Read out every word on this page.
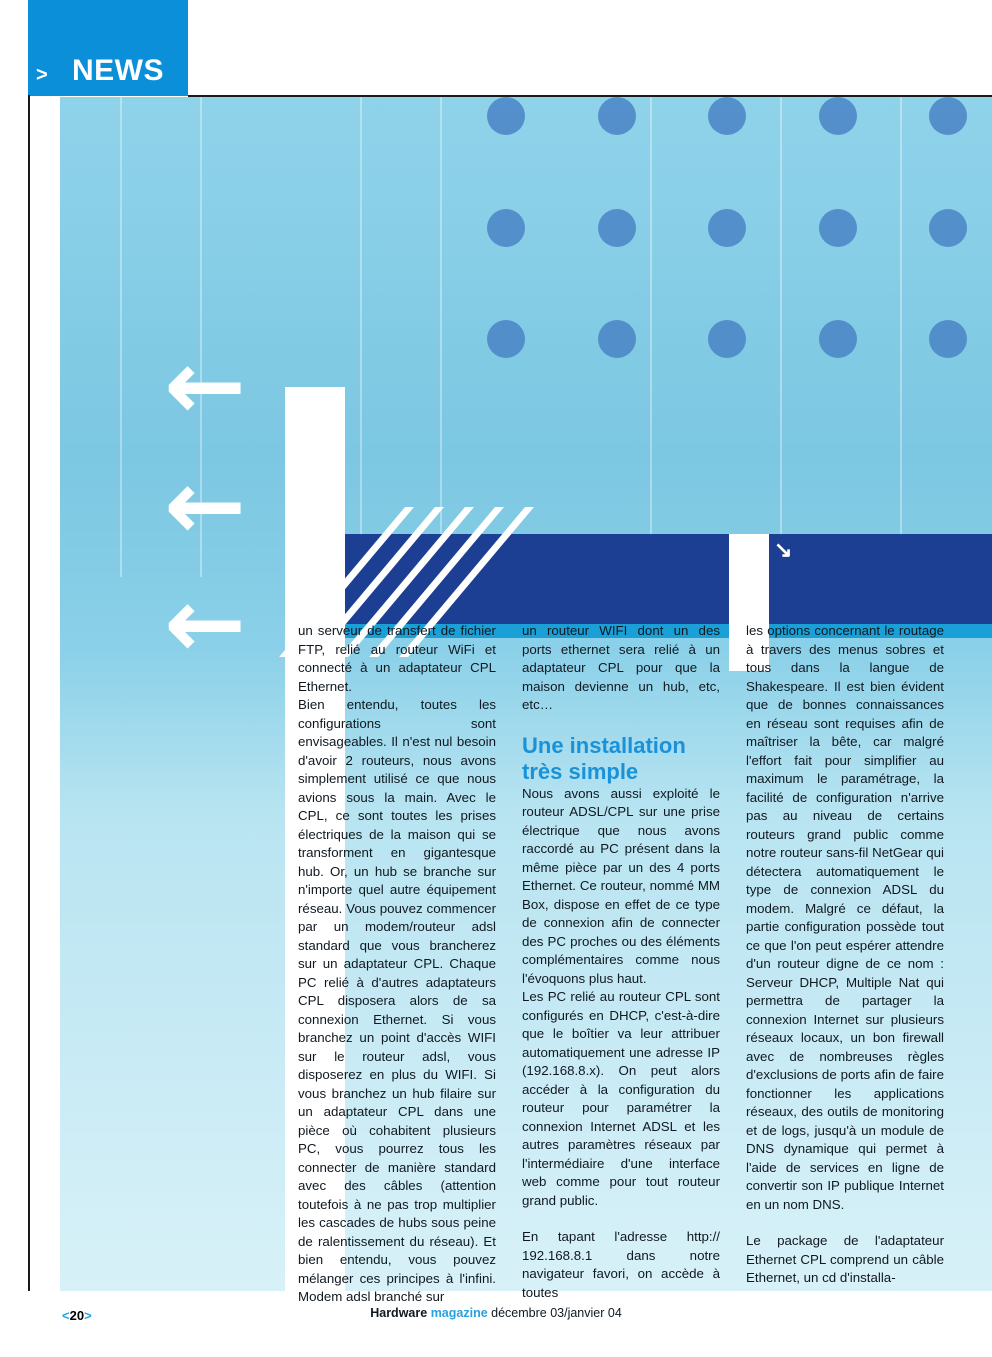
> NEWS
↘
←
←
←	un serveur de transfert de fichier FTP, relié au routeur WiFi et connecté à un adaptateur CPL Ethernet.

Bien entendu, toutes les configurations sont envisageables. Il n'est nul besoin d'avoir 2 routeurs, nous avons simplement utilisé ce que nous avions sous la main. Avec le CPL, ce sont toutes les prises électriques de la maison qui se transforment en gigantesque hub. Or, un hub se branche sur n'importe quel autre équipement réseau. Vous pouvez commencer par un modem/routeur adsl standard que vous brancherez sur un adaptateur CPL. Chaque PC relié à d'autres adaptateurs CPL disposera alors de sa connexion Ethernet. Si vous branchez un point d'accès WIFI sur le routeur adsl, vous disposerez en plus du WIFI. Si vous branchez un hub filaire sur un adaptateur CPL dans une pièce où cohabitent plusieurs PC, vous pourrez tous les connecter de manière standard avec des câbles (attention toutefois à ne pas trop multiplier les cascades de hubs sous peine de ralentissement du réseau). Et bien entendu, vous pouvez mélanger ces principes à l'infini. Modem adsl branché sur

un routeur WIFI dont un des ports ethernet sera relié à un adaptateur CPL pour que la maison devienne un hub, etc, etc…

Une installation très simple

Nous avons aussi exploité le routeur ADSL/CPL sur une prise électrique que nous avons raccordé au PC présent dans la même pièce par un des 4 ports Ethernet. Ce routeur, nommé MM Box, dispose en effet de ce type de connexion afin de connecter des PC proches ou des éléments complémentaires comme nous l'évoquons plus haut.

Les PC relié au routeur CPL sont configurés en DHCP, c'est-à-dire que le boîtier va leur attribuer automatiquement une adresse IP (192.168.8.x). On peut alors accéder à la configuration du routeur pour paramétrer la connexion Internet ADSL et les autres paramètres réseaux par l'intermédiaire d'une interface web comme pour tout routeur grand public.

En tapant l'adresse http:// 192.168.8.1 dans notre navigateur favori, on accède à toutes

les options concernant le routage à travers des menus sobres et tous dans la langue de Shakespeare. Il est bien évident que de bonnes connaissances en réseau sont requises afin de maîtriser la bête, car malgré l'effort fait pour simplifier au maximum le paramétrage, la facilité de configuration n'arrive pas au niveau de certains routeurs grand public comme notre routeur sans-fil NetGear qui détectera automatiquement le type de connexion ADSL du modem. Malgré ce défaut, la partie configuration possède tout ce que l'on peut espérer attendre d'un routeur digne de ce nom : Serveur DHCP, Multiple Nat qui permettra de partager la connexion Internet sur plusieurs réseaux locaux, un bon firewall avec de nombreuses règles d'exclusions de ports afin de faire fonctionner les applications réseaux, des outils de monitoring et de logs, jusqu'à un module de DNS dynamique qui permet à l'aide de services en ligne de convertir son IP publique Internet en un nom DNS.

Le package de l'adaptateur Ethernet CPL comprend un câble Ethernet, un cd d'installa-

<20>	Hardware magazine décembre 03/janvier 04
